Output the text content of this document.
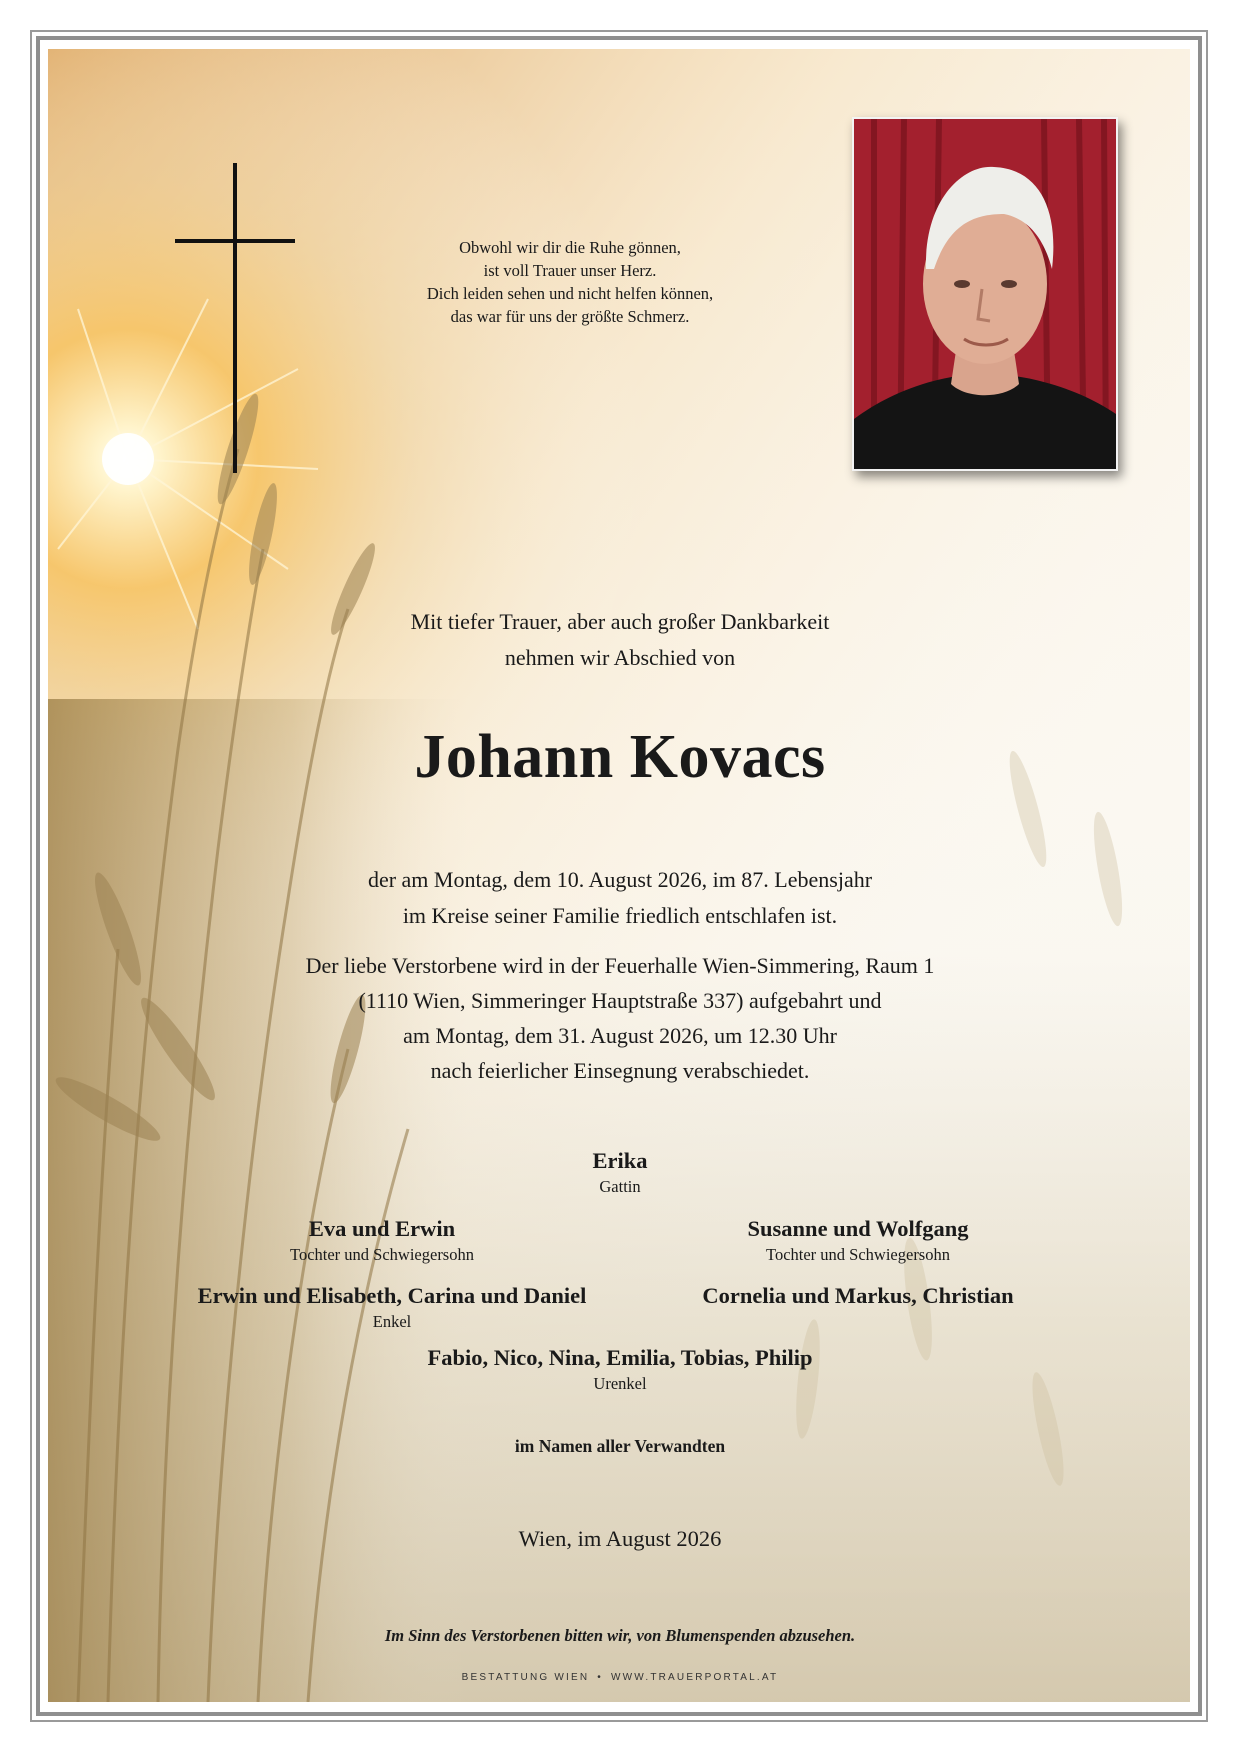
Obwohl wir dir die Ruhe gönnen,
ist voll Trauer unser Herz.
Dich leiden sehen und nicht helfen können,
das war für uns der größte Schmerz.
Mit tiefer Trauer, aber auch großer Dankbarkeit
nehmen wir Abschied von
Johann Kovacs
der am Montag, dem 10. August 2026, im 87. Lebensjahr
im Kreise seiner Familie friedlich entschlafen ist.
Der liebe Verstorbene wird in der Feuerhalle Wien-Simmering, Raum 1
(1110 Wien, Simmeringer Hauptstraße 337) aufgebahrt und
am Montag, dem 31. August 2026, um 12.30 Uhr
nach feierlicher Einsegnung verabschiedet.
Erika
Gattin
Eva und Erwin
Tochter und Schwiegersohn
Susanne und Wolfgang
Tochter und Schwiegersohn
Erwin und Elisabeth, Carina und Daniel
Enkel
Cornelia und Markus, Christian
Fabio, Nico, Nina, Emilia, Tobias, Philip
Urenkel
im Namen aller Verwandten
Wien, im August 2026
Im Sinn des Verstorbenen bitten wir, von Blumenspenden abzusehen.
BESTATTUNG WIEN • WWW.TRAUERPORTAL.AT
